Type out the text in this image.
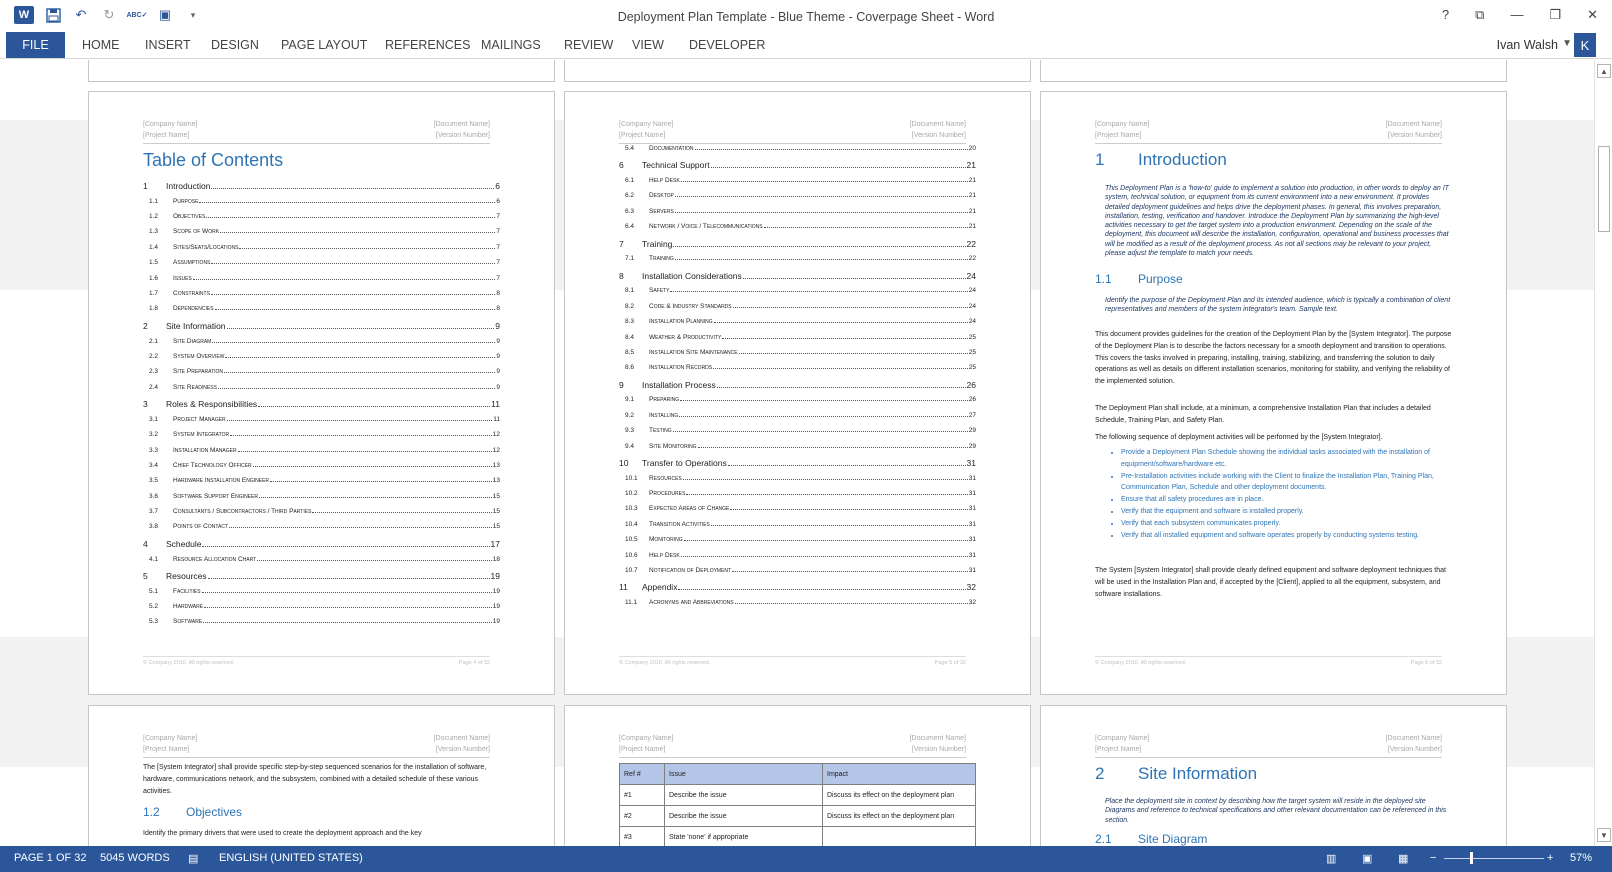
W	↶ ↻	ABC✓ ▣	▾	Deployment Plan Template - Blue Theme - Coverpage Sheet - Word	? ⧉ — ❐ ✕
FILE	HOME INSERT DESIGN PAGE LAYOUT REFERENCES MAILINGS REVIEW VIEW DEVELOPER	Ivan Walsh ▼ K
[Company Name]
[Project Name]
[Document Name]
[Version Number]
Table of Contents
1	Introduction	6
1.1	Purpose	6
1.2	Objectives	7
1.3	Scope of Work	7
1.4	Sites/Seats/Locations	7
1.5	Assumptions	7
1.6	Issues	7
1.7	Constraints	8
1.8	Dependencies	8
2	Site Information	9
2.1	Site Diagram	9
2.2	System Overview	9
2.3	Site Preparation	9
2.4	Site Readiness	9
3	Roles & Responsibilities	11
3.1	Project Manager	11
3.2	System Integrator	12
3.3	Installation Manager	12
3.4	Chief Technology Officer	13
3.5	Hardware Installation Engineer	13
3.6	Software Support Engineer	15
3.7	Consultants / Subcontractors / Third Parties	15
3.8	Points of Contact	15
4	Schedule	17
4.1	Resource Allocation Chart	18
5	Resources	19
5.1	Facilities	19
5.2	Hardware	19
5.3	Software	19
© Company 2016. All rights reserved.	Page 4 of 32
[Company Name]
[Project Name]
[Document Name]
[Version Number]
5.4	Documentation	20
6	Technical Support	21
6.1	Help Desk	21
6.2	Desktop	21
6.3	Servers	21
6.4	Network / Voice / Telecommunications	21
7	Training	22
7.1	Training	22
8	Installation Considerations	24
8.1	Safety	24
8.2	Code & Industry Standards	24
8.3	Installation Planning	24
8.4	Weather & Productivity	25
8.5	Installation Site Maintenance	25
8.6	Installation Records	25
9	Installation Process	26
9.1	Preparing	26
9.2	Installing	27
9.3	Testing	29
9.4	Site Monitoring	29
10	Transfer to Operations	31
10.1	Resources	31
10.2	Procedures	31
10.3	Expected Areas of Change	31
10.4	Transition Activities	31
10.5	Monitoring	31
10.6	Help Desk	31
10.7	Notification of Deployment	31
11	Appendix	32
11.1	Acronyms and Abbreviations	32
© Company 2016. All rights reserved.	Page 5 of 32
[Company Name]
[Project Name]
[Document Name]
[Version Number]
1 Introduction
This Deployment Plan is a 'how-to' guide to implement a solution into production, in other words to deploy an IT system, technical solution, or equipment from its current environment into a new environment. It provides detailed deployment guidelines and helps drive the deployment phases. In general, this involves preparation, installation, testing, verification and handover. Introduce the Deployment Plan by summarizing the high-level activities necessary to get the target system into a production environment. Depending on the scale of the deployment, this document will describe the installation, configuration, operational and business processes that will be modified as a result of the deployment process. As not all sections may be relevant to your project, please adjust the template to match your needs.
1.1 Purpose
Identify the purpose of the Deployment Plan and its intended audience, which is typically a combination of client representatives and members of the system integrator's team. Sample text.
This document provides guidelines for the creation of the Deployment Plan by the [System Integrator]. The purpose of the Deployment Plan is to describe the factors necessary for a smooth deployment and transition to operations. This covers the tasks involved in preparing, installing, training, stabilizing, and transferring the solution to daily operations as well as details on different installation scenarios, monitoring for stability, and verifying the reliability of the implemented solution.
The Deployment Plan shall include, at a minimum, a comprehensive Installation Plan that includes a detailed Schedule, Training Plan, and Safety Plan.
The following sequence of deployment activities will be performed by the [System Integrator].
• Provide a Deployment Plan Schedule showing the individual tasks associated with the installation of equipment/software/hardware etc.
• Pre-Installation activities include working with the Client to finalize the Installation Plan, Training Plan, Communication Plan, Schedule and other deployment documents.
• Ensure that all safety procedures are in place.
• Verify that the equipment and software is installed properly.
• Verify that each subsystem communicates properly.
• Verify that all installed equipment and software operates properly by conducting systems testing.
The System [System Integrator] shall provide clearly defined equipment and software deployment techniques that will be used in the Installation Plan and, if accepted by the [Client], applied to all the equipment, subsystem, and software installations.
© Company 2016. All rights reserved.	Page 6 of 32
[Company Name]
[Project Name]
[Document Name]
[Version Number]
The [System Integrator] shall provide specific step-by-step sequenced scenarios for the installation of software, hardware, communications network, and the subsystem, combined with a detailed schedule of these various activities.
1.2 Objectives
Identify the primary drivers that were used to create the deployment approach and the key
[Company Name]
[Project Name]
[Document Name]
[Version Number]
Ref #	Issue	Impact
#1	Describe the issue	Discuss its effect on the deployment plan
#2	Describe the issue	Discuss its effect on the deployment plan
#3	State 'none' if appropriate	
[Company Name]
[Project Name]
[Document Name]
[Version Number]
2 Site Information
Place the deployment site in context by describing how the target system will reside in the deployed site Diagrams and reference to technical specifications and other relevant documentation can be referenced in this section.
2.1 Site Diagram
▲
▼
PAGE 1 OF 32 5045 WORDS ▤ ENGLISH (UNITED STATES)	▥ ▣ ▦ −	+ 57%
